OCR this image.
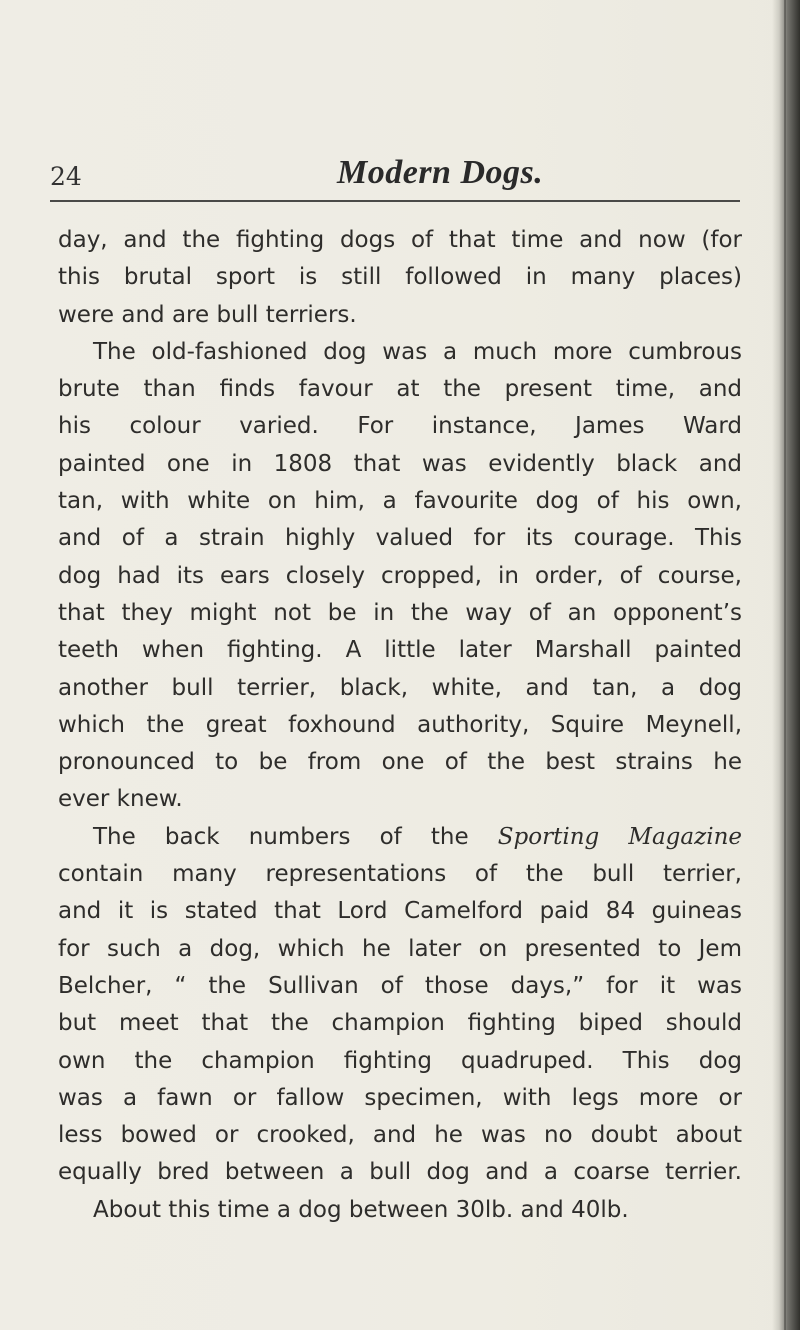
24	Modern Dogs.
day, and the fighting dogs of that time and now (for
this brutal sport is still followed in many places)
were and are bull terriers.
The old-fashioned dog was a much more cumbrous
brute than finds favour at the present time, and
his colour varied. For instance, James Ward
painted one in 1808 that was evidently black and
tan, with white on him, a favourite dog of his own,
and of a strain highly valued for its courage. This
dog had its ears closely cropped, in order, of course,
that they might not be in the way of an opponent’s
teeth when fighting. A little later Marshall painted
another bull terrier, black, white, and tan, a dog
which the great foxhound authority, Squire Meynell,
pronounced to be from one of the best strains he
ever knew.
The back numbers of the Sporting Magazine
contain many representations of the bull terrier,
and it is stated that Lord Camelford paid 84 guineas
for such a dog, which he later on presented to Jem
Belcher, “ the Sullivan of those days,” for it was
but meet that the champion fighting biped should
own the champion fighting quadruped. This dog
was a fawn or fallow specimen, with legs more or
less bowed or crooked, and he was no doubt about
equally bred between a bull dog and a coarse terrier.
About this time a dog between 30lb. and 40lb.
